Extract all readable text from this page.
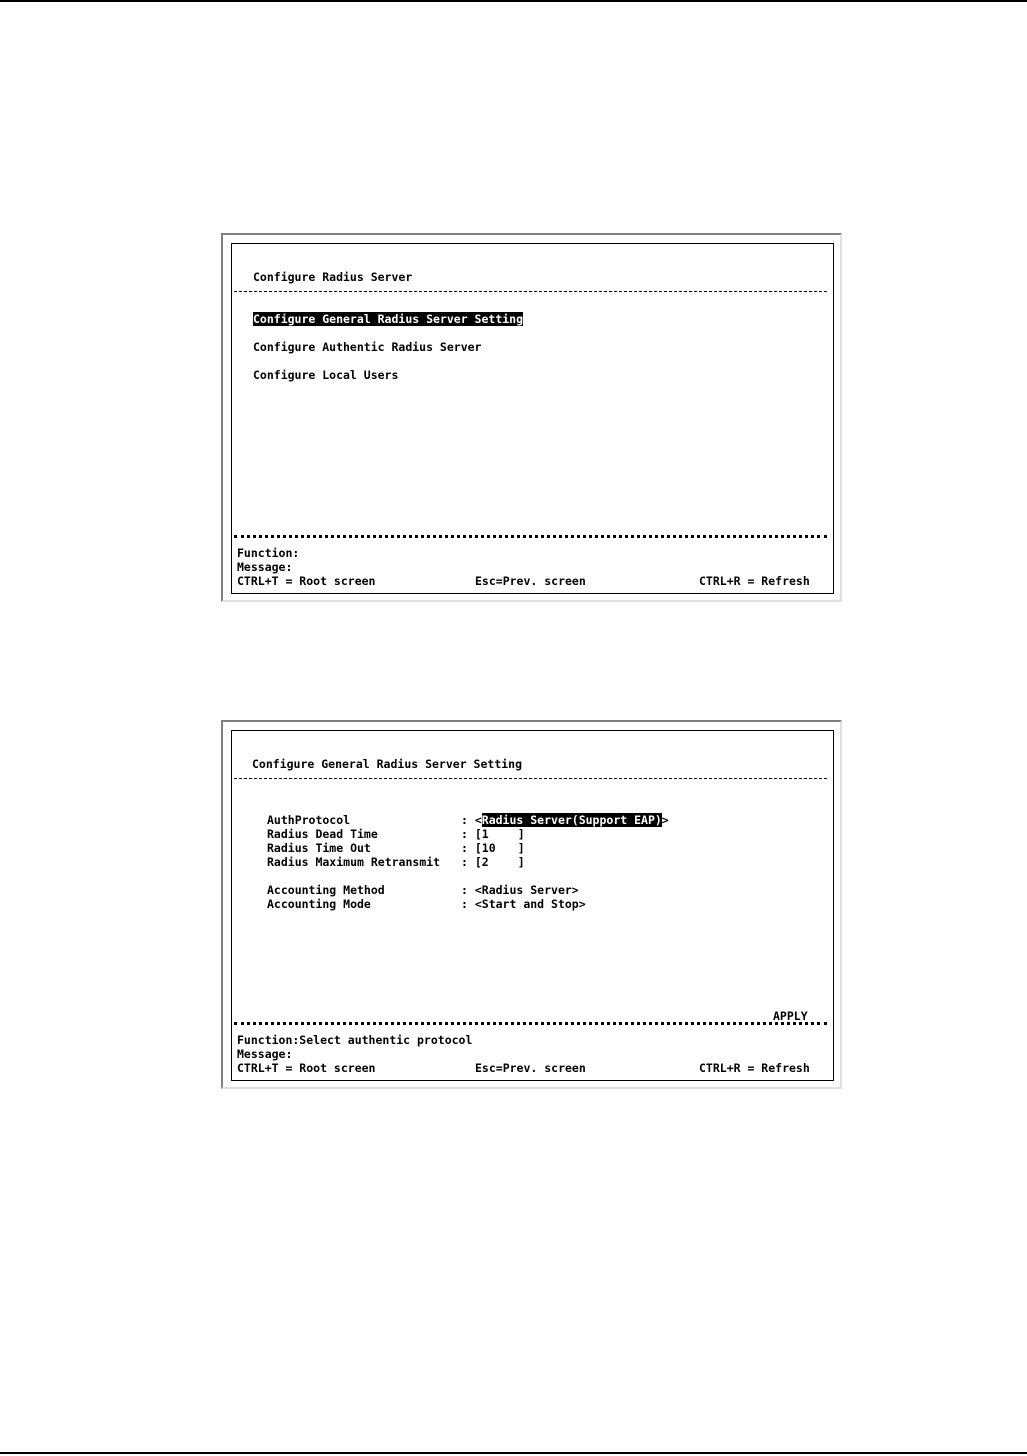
Configure Radius Server
Configure General Radius Server Setting
Configure Authentic Radius Server
Configure Local Users
Function:
Message:
CTRL+T = Root screen	Esc=Prev. screen	CTRL+R = Refresh
Configure General Radius Server Setting
AuthProtocol	: <Radius Server(Support EAP)>
Radius Dead Time	: [1	]
Radius Time Out	: [10 ]
Radius Maximum Retransmit : [2	]
Accounting Method	: <Radius Server>
Accounting Mode	: <Start and Stop>
APPLY
Function:Select authentic protocol
Message:
CTRL+T = Root screen	Esc=Prev. screen	CTRL+R = Refresh
